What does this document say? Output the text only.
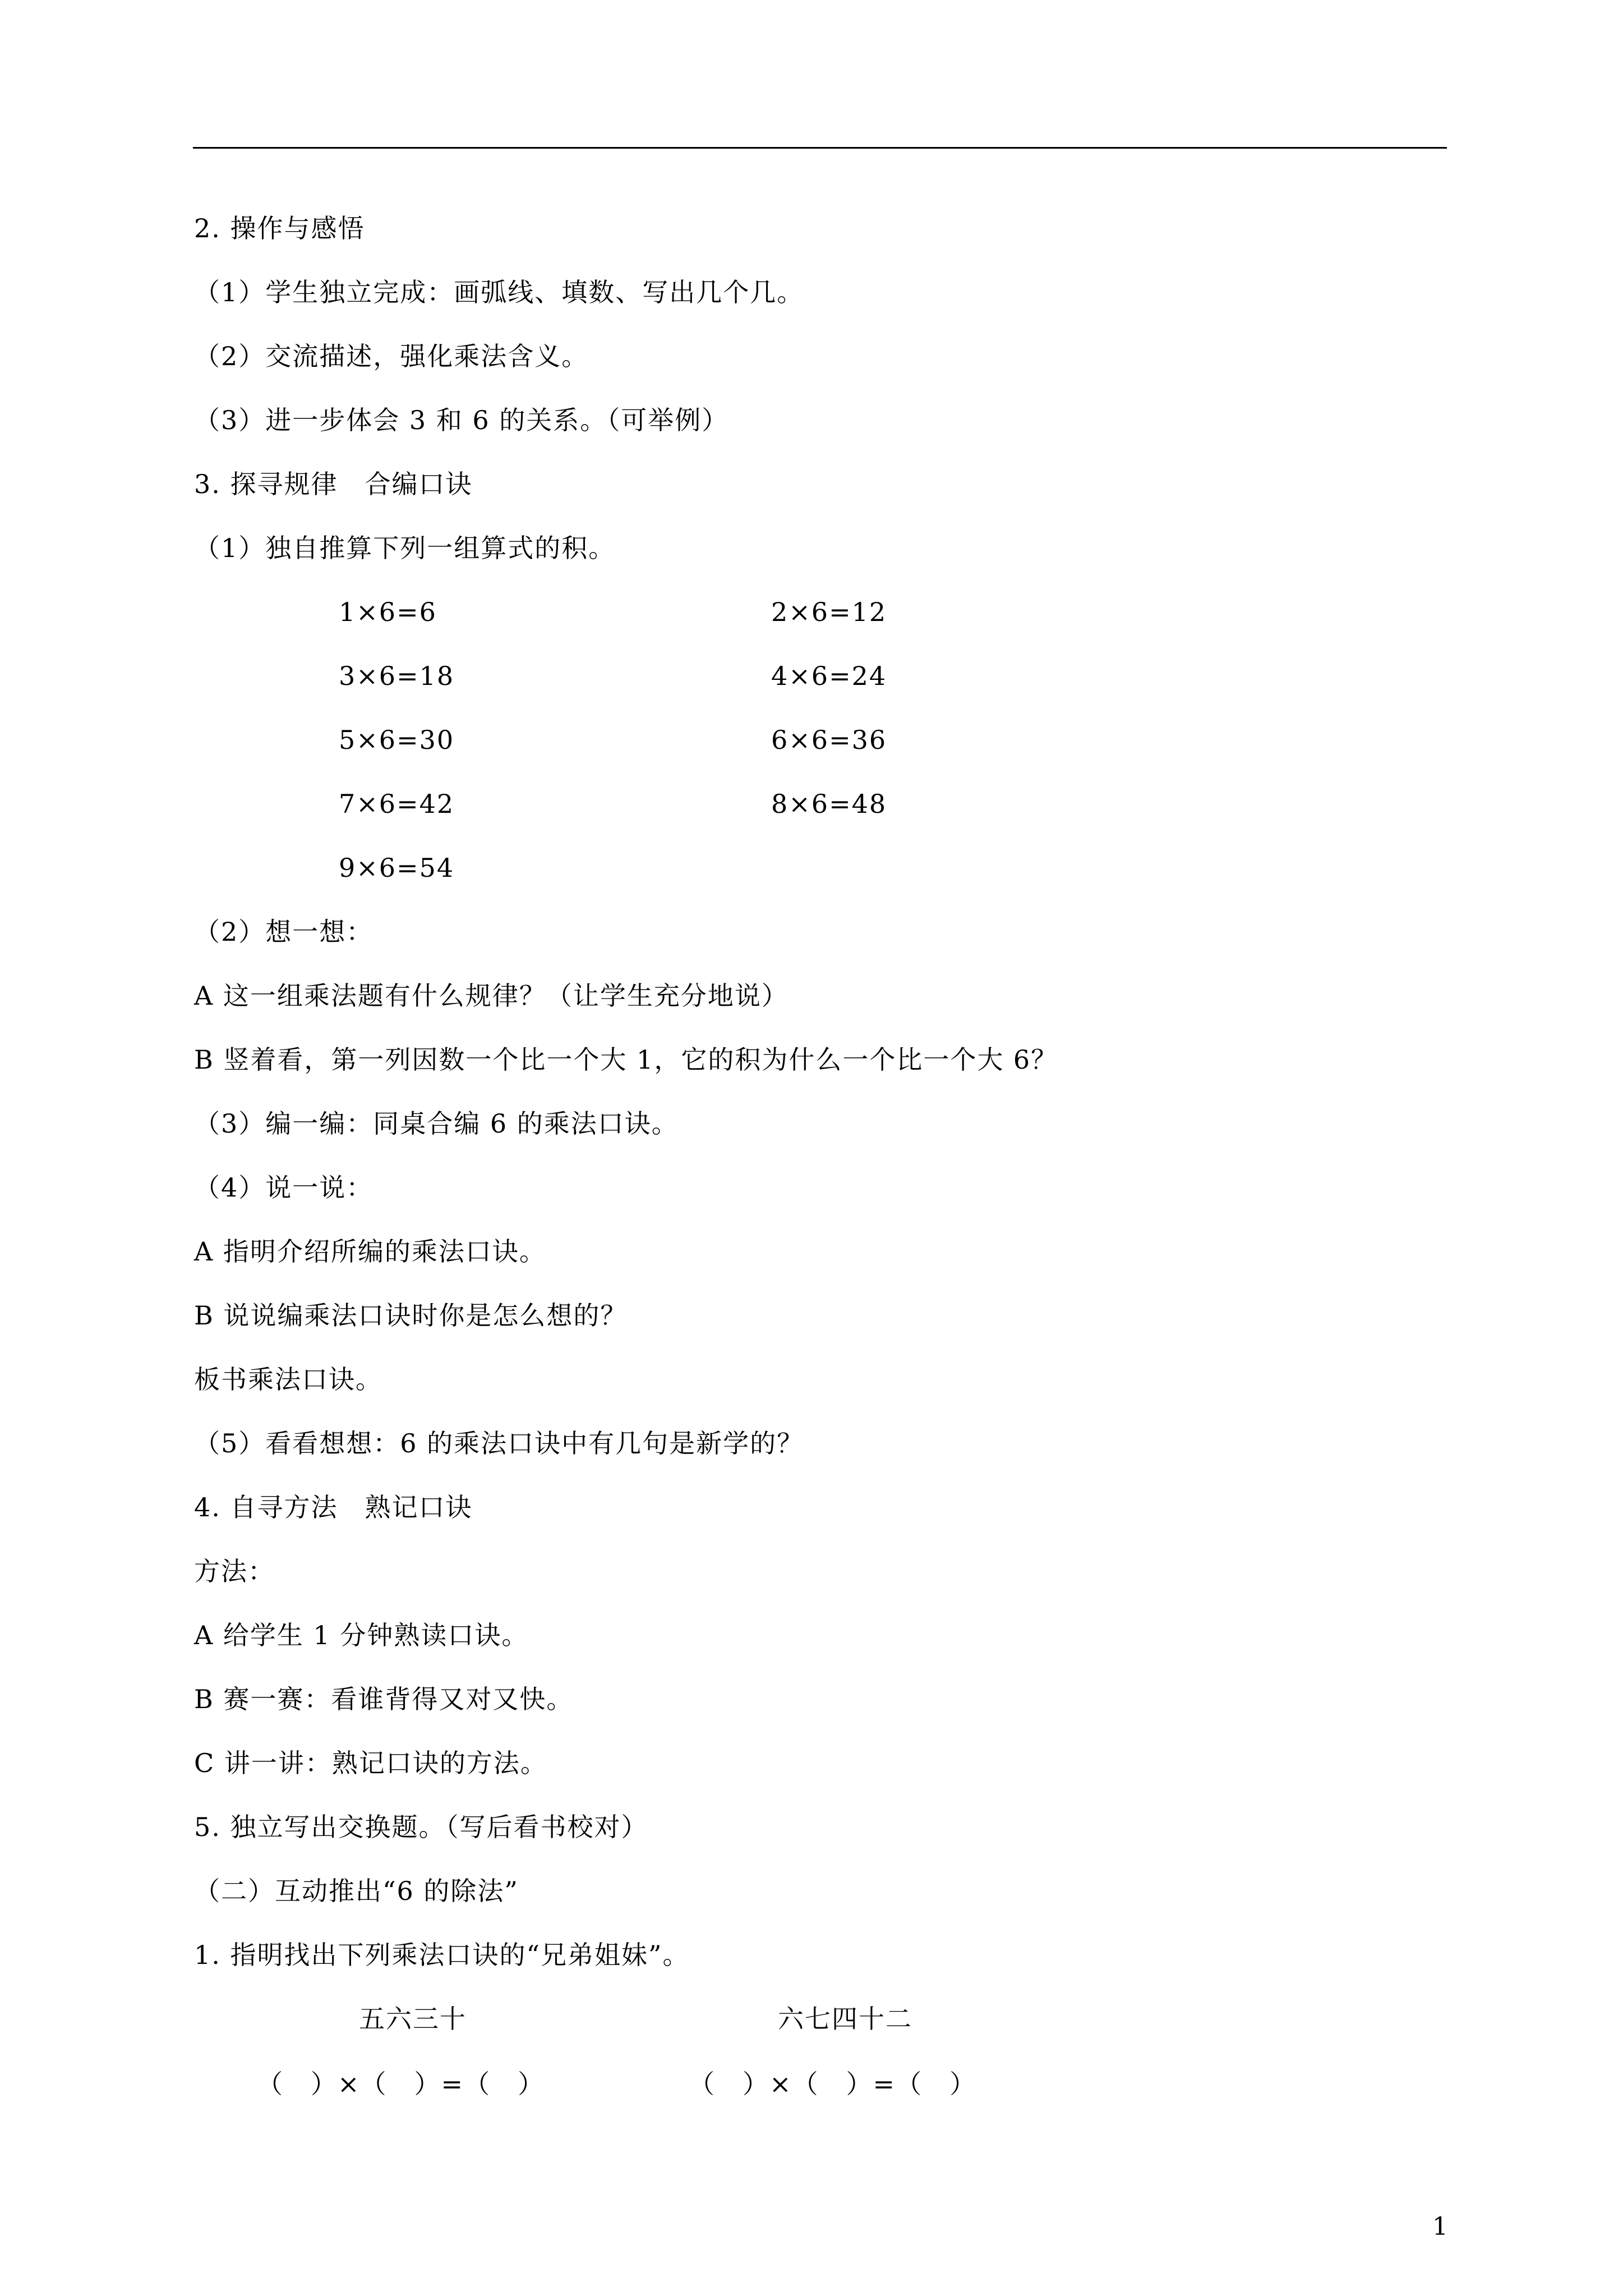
2. 操作与感悟
（1）学生独立完成：画弧线、填数、写出几个几。
（2）交流描述，强化乘法含义。
（3）进一步体会 3 和 6 的关系。（可举例）
3. 探寻规律　合编口诀
（1）独自推算下列一组算式的积。
1×6=6	2×6=12
3×6=18	4×6=24
5×6=30	6×6=36
7×6=42	8×6=48
9×6=54
（2）想一想：
A 这一组乘法题有什么规律？（让学生充分地说）
B 竖着看，第一列因数一个比一个大 1，它的积为什么一个比一个大 6？
（3）编一编：同桌合编 6 的乘法口诀。
（4）说一说：
A 指明介绍所编的乘法口诀。
B 说说编乘法口诀时你是怎么想的？
板书乘法口诀。
（5）看看想想：6 的乘法口诀中有几句是新学的？
4. 自寻方法　熟记口诀
方法：
A 给学生 1 分钟熟读口诀。
B 赛一赛：看谁背得又对又快。
C 讲一讲：熟记口诀的方法。
5. 独立写出交换题。（写后看书校对）
（二）互动推出“6 的除法”
1. 指明找出下列乘法口诀的“兄弟姐妹”。
五六三十	六七四十二
（　）×（　）=（　）	（　）×（　）=（　）
1
